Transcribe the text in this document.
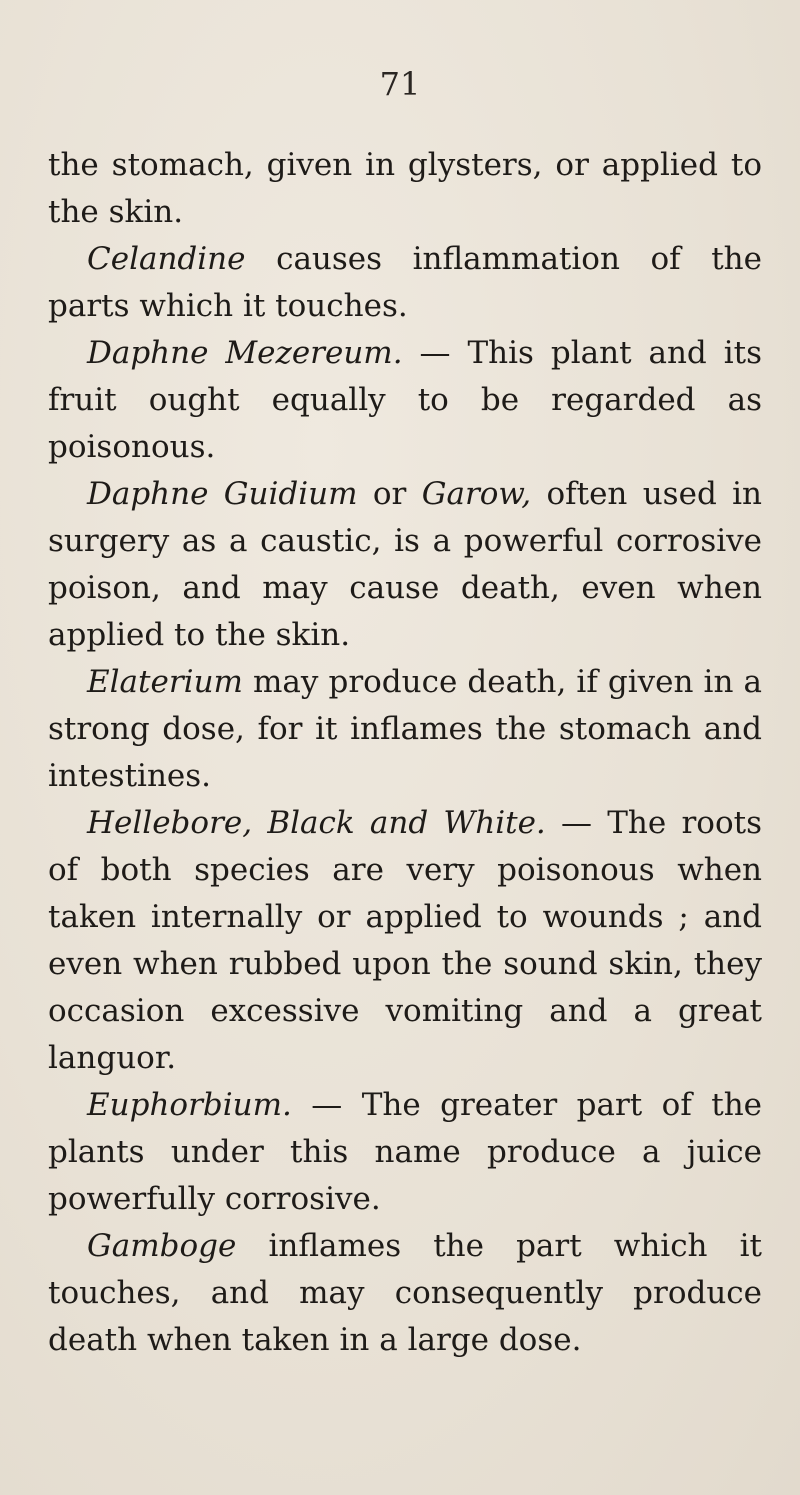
71

the stomach, given in glysters, or applied to the skin.

Celandine causes inflammation of the parts which it touches.

Daphne Mezereum. — This plant and its fruit ought equally to be regarded as poisonous.

Daphne Guidium or Garow, often used in surgery as a caustic, is a powerful corrosive poison, and may cause death, even when applied to the skin.

Elaterium may produce death, if given in a strong dose, for it inflames the stomach and intestines.

Hellebore, Black and White. — The roots of both species are very poisonous when taken internally or applied to wounds ; and even when rubbed upon the sound skin, they occasion excessive vomiting and a great languor.

Euphorbium. — The greater part of the plants under this name produce a juice powerfully corrosive.

Gamboge inflames the part which it touches, and may consequently produce death when taken in a large dose.
